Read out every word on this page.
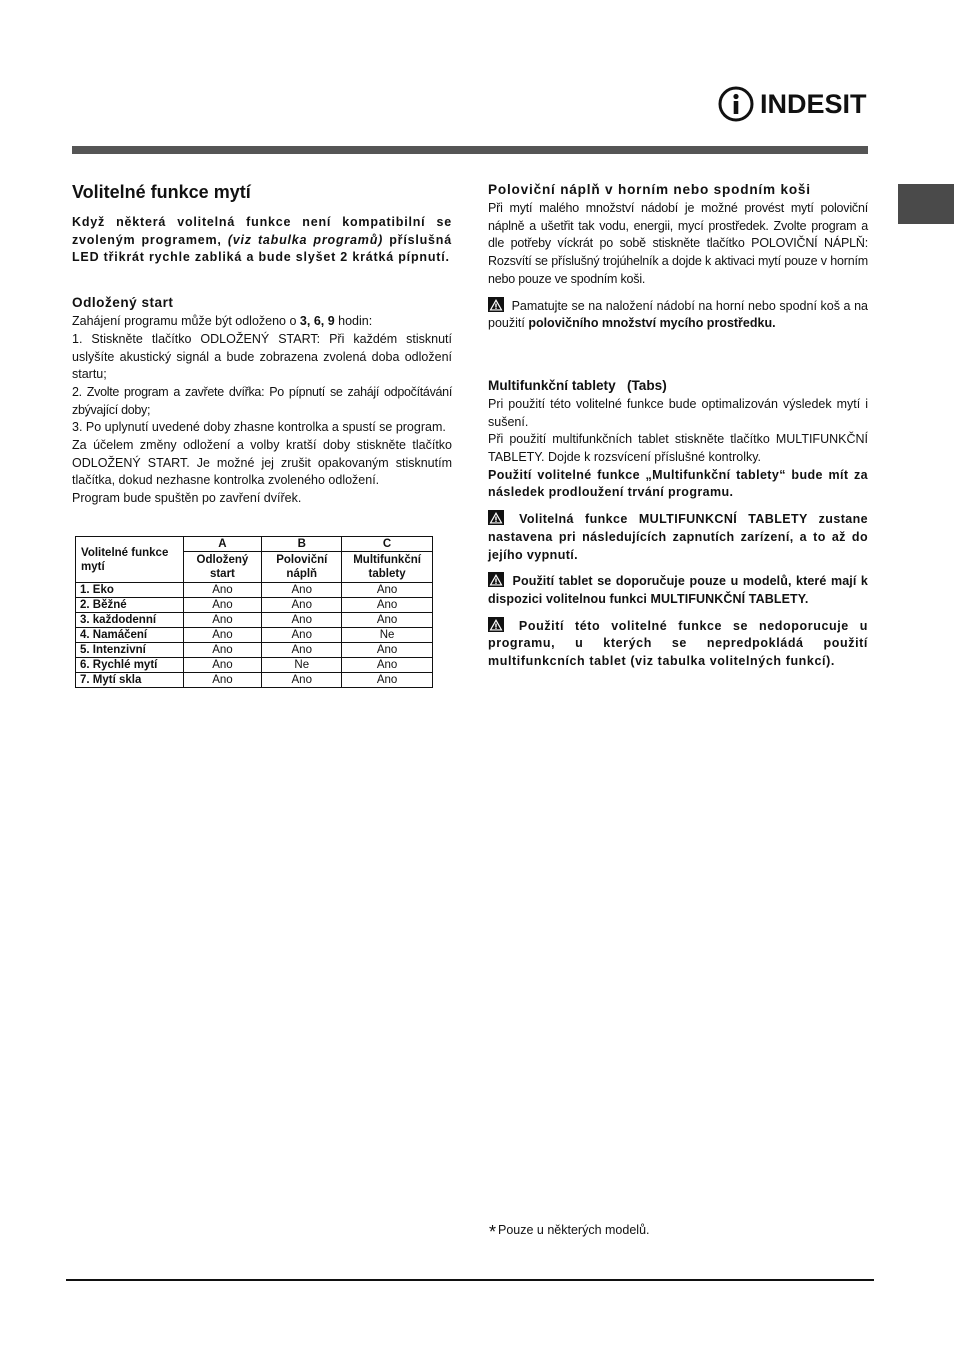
INDESIT
Volitelné funkce mytí

Když některá volitelná funkce není kompatibilní se zvoleným programem, (viz tabulka programů) příslušná LED třikrát rychle zabliká a bude slyšet 2 krátká pípnutí.

Odložený start

Zahájení programu může být odloženo o 3, 6, 9 hodin:

1. Stiskněte tlačítko ODLOŽENÝ START: Při každém stisknutí uslyšíte akustický signál a bude zobrazena zvolená doba odložení startu;

2. Zvolte program a zavřete dvířka: Po pípnutí se zahájí odpočítávání zbývající doby;

3. Po uplynutí uvedené doby zhasne kontrolka a spustí se program.

Za účelem změny odložení a volby kratší doby stiskněte tlačítko ODLOŽENÝ START. Je možné jej zrušit opakovaným stisknutím tlačítka, dokud nezhasne kontrolka zvoleného odložení.

Program bude spuštěn po zavření dvířek.

Volitelné funkce mytí	A	B	C
	Odložený start	Poloviční náplň	Multifunkční tablety
1. Eko	Ano	Ano	Ano
2. Běžné	Ano	Ano	Ano
3. každodenní	Ano	Ano	Ano
4. Namáčení	Ano	Ano	Ne
5. Intenzivní	Ano	Ano	Ano
6. Rychlé mytí	Ano	Ne	Ano
7. Mytí skla	Ano	Ano	Ano
Poloviční náplň v horním nebo spodním koši

Při mytí malého množství nádobí je možné provést mytí poloviční náplně a ušetřit tak vodu, energii, mycí prostředek. Zvolte program a dle potřeby víckrát po sobě stiskněte tlačítko POLOVIČNÍ NÁPLŇ: Rozsvítí se příslušný trojúhelník a dojde k aktivaci mytí pouze v horním nebo pouze ve spodním koši.

Pamatujte se na naložení nádobí na horní nebo spodní koš a na použití polovičního množství mycího prostředku.

Multifunkční tablety   (Tabs)

Pri použití této volitelné funkce bude optimalizován výsledek mytí i sušení.

Při použití multifunkčních tablet stiskněte tlačítko MULTIFUNKČNÍ TABLETY. Dojde k rozsvícení příslušné kontrolky.

Použití volitelné funkce „Multifunkční tablety“ bude mít za následek prodloužení trvání programu.

Volitelná funkce MULTIFUNKCNÍ TABLETY zustane nastavena pri následujících zapnutích zarízení, a to až do jejího vypnutí.

Použití tablet se doporučuje pouze u modelů, které mají k dispozici volitelnou funkci MULTIFUNKČNÍ TABLETY.

Použití této volitelné funkce se nedoporucuje u programu, u kterých se nepredpokládá použití multifunkcních tablet (viz tabulka volitelných funkcí).

* Pouze u některých modelů.
